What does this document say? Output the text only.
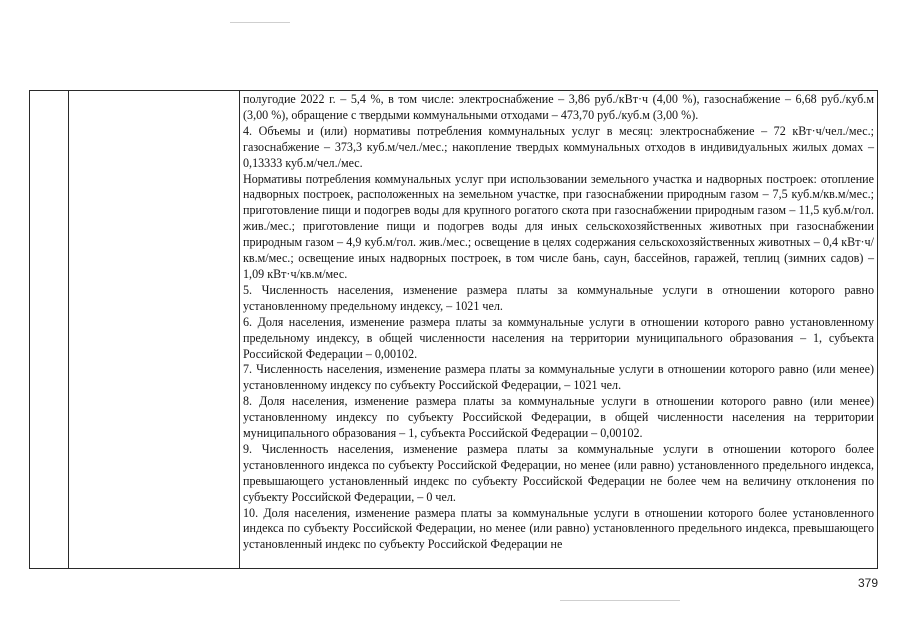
полугодие 2022 г. – 5,4 %, в том числе: электроснабжение – 3,86 руб./кВт·ч (4,00 %), газоснабжение – 6,68 руб./куб.м (3,00 %), обращение с твердыми коммунальными отходами – 473,70 руб./куб.м (3,00 %).

4. Объемы и (или) нормативы потребления коммунальных услуг в месяц: электроснабжение – 72 кВт·ч/чел./мес.; газоснабжение – 373,3 куб.м/чел./мес.; накопление твердых коммунальных отходов в индивидуальных жилых домах – 0,13333 куб.м/чел./мес.

Нормативы потребления коммунальных услуг при использовании земельного участка и надворных построек: отопление надворных построек, расположенных на земельном участке, при газоснабжении природным газом – 7,5 куб.м/кв.м/мес.; приготовление пищи и подогрев воды для крупного рогатого скота при газоснабжении природным газом – 11,5 куб.м/гол. жив./мес.; приготовление пищи и подогрев воды для иных сельскохозяйственных животных при газоснабжении природным газом – 4,9 куб.м/гол. жив./мес.; освещение в целях содержания сельскохозяйственных животных – 0,4 кВт·ч/кв.м/мес.; освещение иных надворных построек, в том числе бань, саун, бассейнов, гаражей, теплиц (зимних садов) – 1,09 кВт·ч/кв.м/мес.

5. Численность населения, изменение размера платы за коммунальные услуги в отношении которого равно установленному предельному индексу, – 1021 чел.

6. Доля населения, изменение размера платы за коммунальные услуги в отношении которого равно установленному предельному индексу, в общей численности населения на территории муниципального образования – 1, субъекта Российской Федерации – 0,00102.

7. Численность населения, изменение размера платы за коммунальные услуги в отношении которого равно (или менее) установленному индексу по субъекту Российской Федерации, – 1021 чел.

8. Доля населения, изменение размера платы за коммунальные услуги в отношении которого равно (или менее) установленному индексу по субъекту Российской Федерации, в общей численности населения на территории муниципального образования – 1, субъекта Российской Федерации – 0,00102.

9. Численность населения, изменение размера платы за коммунальные услуги в отношении которого более установленного индекса по субъекту Российской Федерации, но менее (или равно) установленного предельного индекса, превышающего установленный индекс по субъекту Российской Федерации не более чем на величину отклонения по субъекту Российской Федерации, – 0 чел.

10. Доля населения, изменение размера платы за коммунальные услуги в отношении которого более установленного индекса по субъекту Российской Федерации, но менее (или равно) установленного предельного индекса, превышающего установленный индекс по субъекту Российской Федерации не

379
